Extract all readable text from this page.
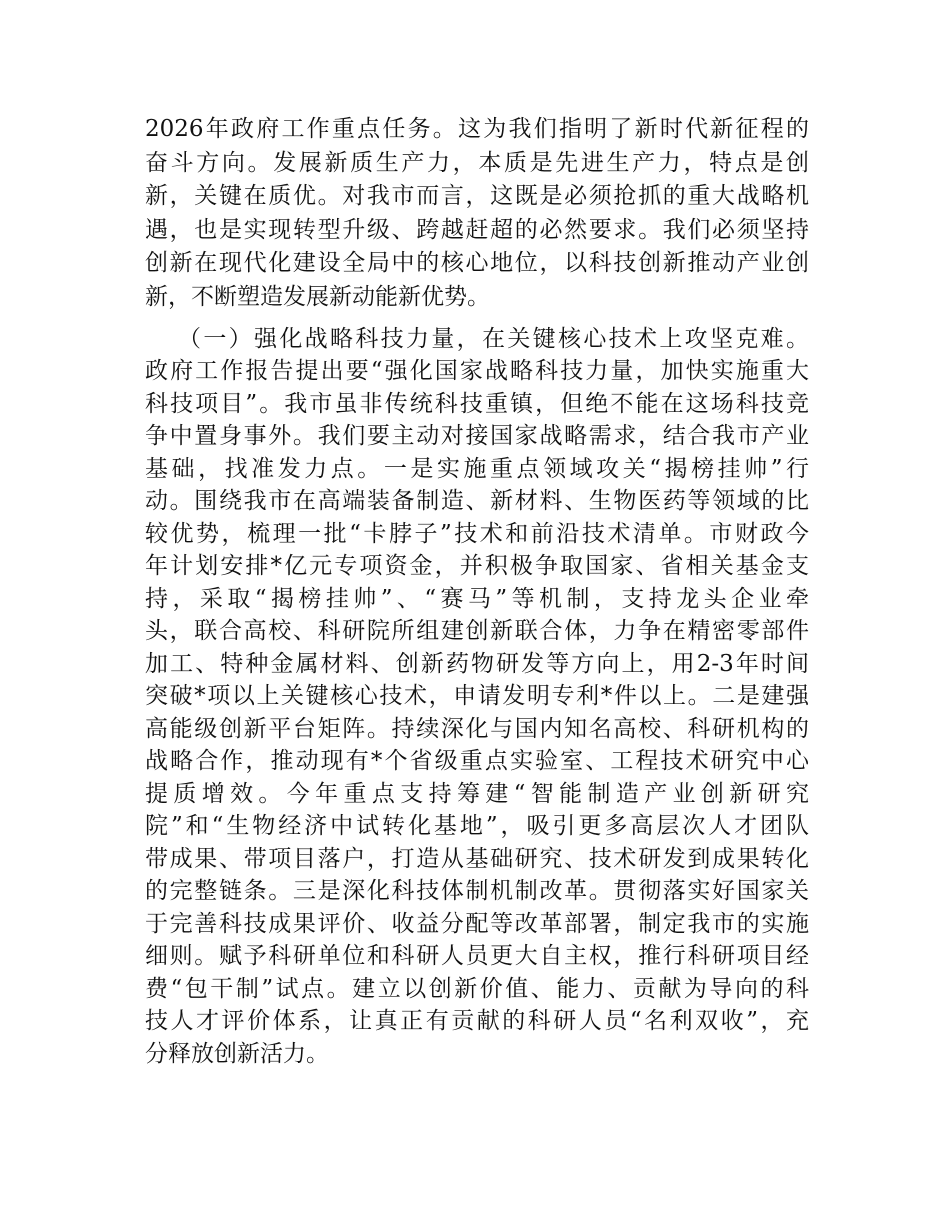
2026年政府工作重点任务。这为我们指明了新时代新征程的
奋斗方向。发展新质生产力，本质是先进生产力，特点是创
新，关键在质优。对我市而言，这既是必须抢抓的重大战略机
遇，也是实现转型升级、跨越赶超的必然要求。我们必须坚持
创新在现代化建设全局中的核心地位，以科技创新推动产业创
新，不断塑造发展新动能新优势。
（一）强化战略科技力量，在关键核心技术上攻坚克难。
政府工作报告提出要“强化国家战略科技力量，加快实施重大
科技项目”。我市虽非传统科技重镇，但绝不能在这场科技竞
争中置身事外。我们要主动对接国家战略需求，结合我市产业
基础，找准发力点。一是实施重点领域攻关“揭榜挂帅”行
动。围绕我市在高端装备制造、新材料、生物医药等领域的比
较优势，梳理一批“卡脖子”技术和前沿技术清单。市财政今
年计划安排*亿元专项资金，并积极争取国家、省相关基金支
持，采取“揭榜挂帅”、“赛马”等机制，支持龙头企业牵
头，联合高校、科研院所组建创新联合体，力争在精密零部件
加工、特种金属材料、创新药物研发等方向上，用2-3年时间
突破*项以上关键核心技术，申请发明专利*件以上。二是建强
高能级创新平台矩阵。持续深化与国内知名高校、科研机构的
战略合作，推动现有*个省级重点实验室、工程技术研究中心
提质增效。今年重点支持筹建“智能制造产业创新研究
院”和“生物经济中试转化基地”，吸引更多高层次人才团队
带成果、带项目落户，打造从基础研究、技术研发到成果转化
的完整链条。三是深化科技体制机制改革。贯彻落实好国家关
于完善科技成果评价、收益分配等改革部署，制定我市的实施
细则。赋予科研单位和科研人员更大自主权，推行科研项目经
费“包干制”试点。建立以创新价值、能力、贡献为导向的科
技人才评价体系，让真正有贡献的科研人员“名利双收”，充
分释放创新活力。
